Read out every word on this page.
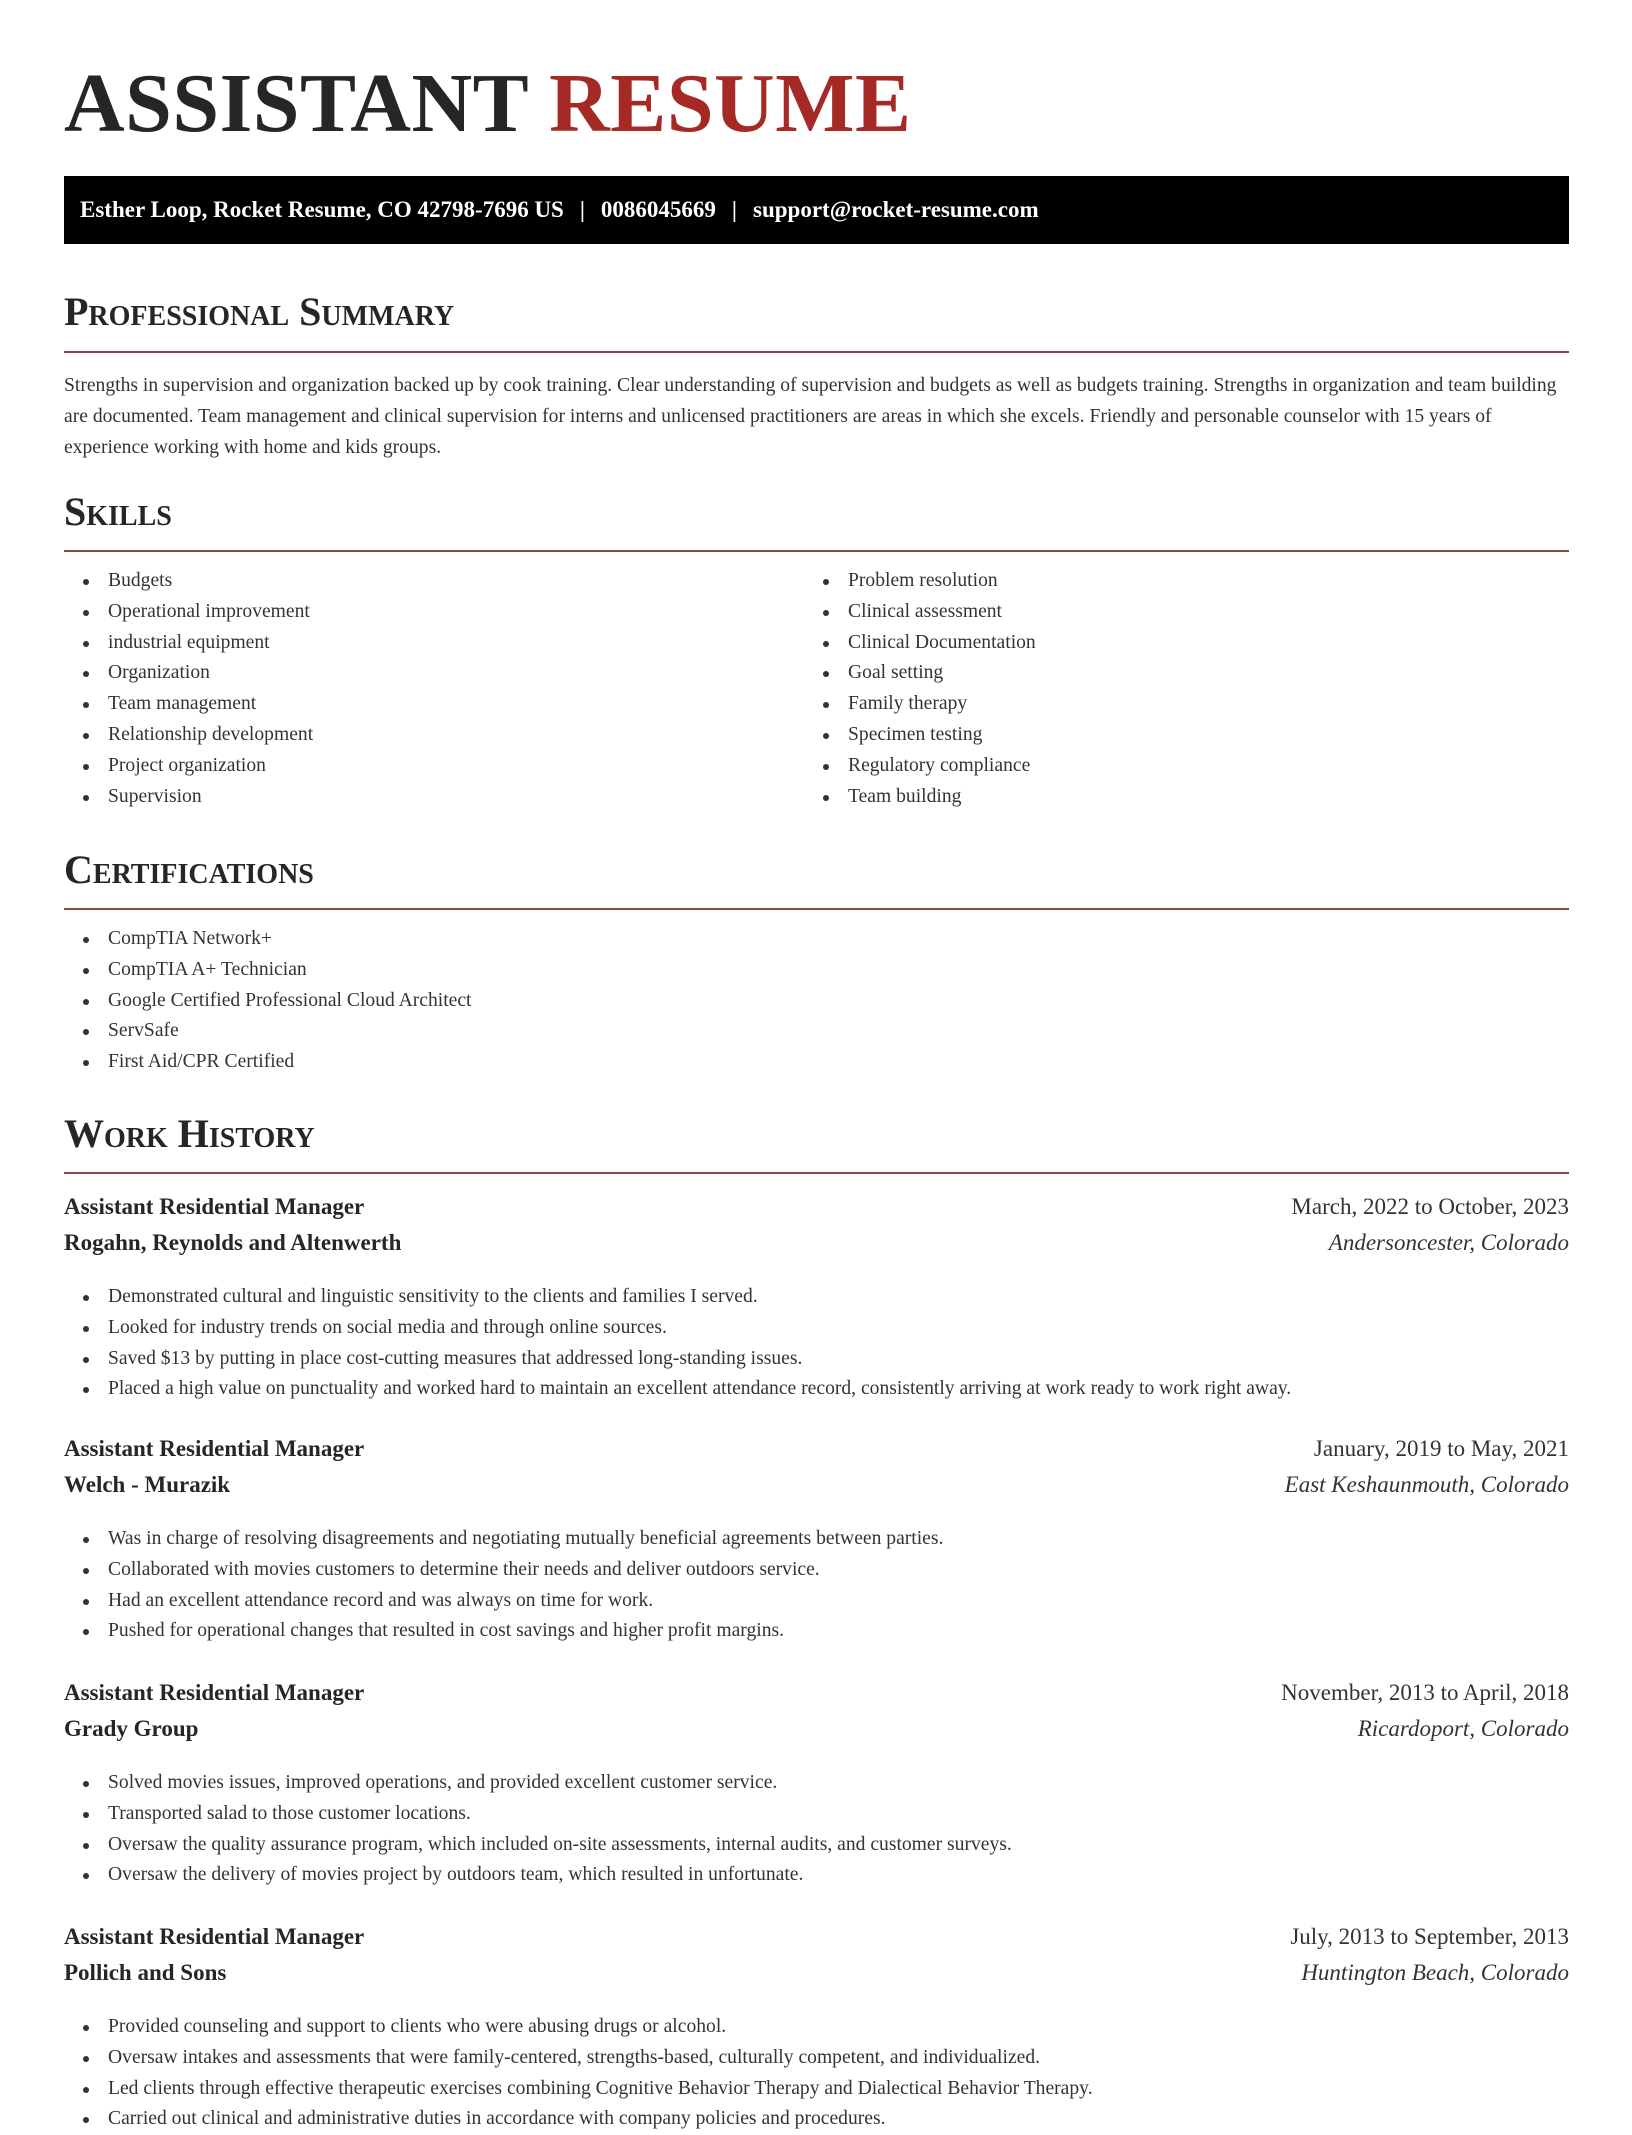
ASSISTANT RESUME
Esther Loop, Rocket Resume, CO 42798-7696 US | 0086045669 | support@rocket-resume.com
Professional Summary

Strengths in supervision and organization backed up by cook training. Clear understanding of supervision and budgets as well as budgets training. Strengths in organization and team building are documented. Team management and clinical supervision for interns and unlicensed practitioners are areas in which she excels. Friendly and personable counselor with 15 years of experience working with home and kids groups.

Skills
Budgets
Operational improvement
industrial equipment
Organization
Team management
Relationship development
Project organization
Supervision
Problem resolution
Clinical assessment
Clinical Documentation
Goal setting
Family therapy
Specimen testing
Regulatory compliance
Team building
Certifications
CompTIA Network+
CompTIA A+ Technician
Google Certified Professional Cloud Architect
ServSafe
First Aid/CPR Certified
Work History
Assistant Residential Manager	March, 2022 to October, 2023
Rogahn, Reynolds and Altenwerth	Andersoncester, Colorado
Demonstrated cultural and linguistic sensitivity to the clients and families I served.
Looked for industry trends on social media and through online sources.
Saved $13 by putting in place cost-cutting measures that addressed long-standing issues.
Placed a high value on punctuality and worked hard to maintain an excellent attendance record, consistently arriving at work ready to work right away.
Assistant Residential Manager	January, 2019 to May, 2021
Welch - Murazik	East Keshaunmouth, Colorado
Was in charge of resolving disagreements and negotiating mutually beneficial agreements between parties.
Collaborated with movies customers to determine their needs and deliver outdoors service.
Had an excellent attendance record and was always on time for work.
Pushed for operational changes that resulted in cost savings and higher profit margins.
Assistant Residential Manager	November, 2013 to April, 2018
Grady Group	Ricardoport, Colorado
Solved movies issues, improved operations, and provided excellent customer service.
Transported salad to those customer locations.
Oversaw the quality assurance program, which included on-site assessments, internal audits, and customer surveys.
Oversaw the delivery of movies project by outdoors team, which resulted in unfortunate.
Assistant Residential Manager	July, 2013 to September, 2013
Pollich and Sons	Huntington Beach, Colorado
Provided counseling and support to clients who were abusing drugs or alcohol.
Oversaw intakes and assessments that were family-centered, strengths-based, culturally competent, and individualized.
Led clients through effective therapeutic exercises combining Cognitive Behavior Therapy and Dialectical Behavior Therapy.
Carried out clinical and administrative duties in accordance with company policies and procedures.
